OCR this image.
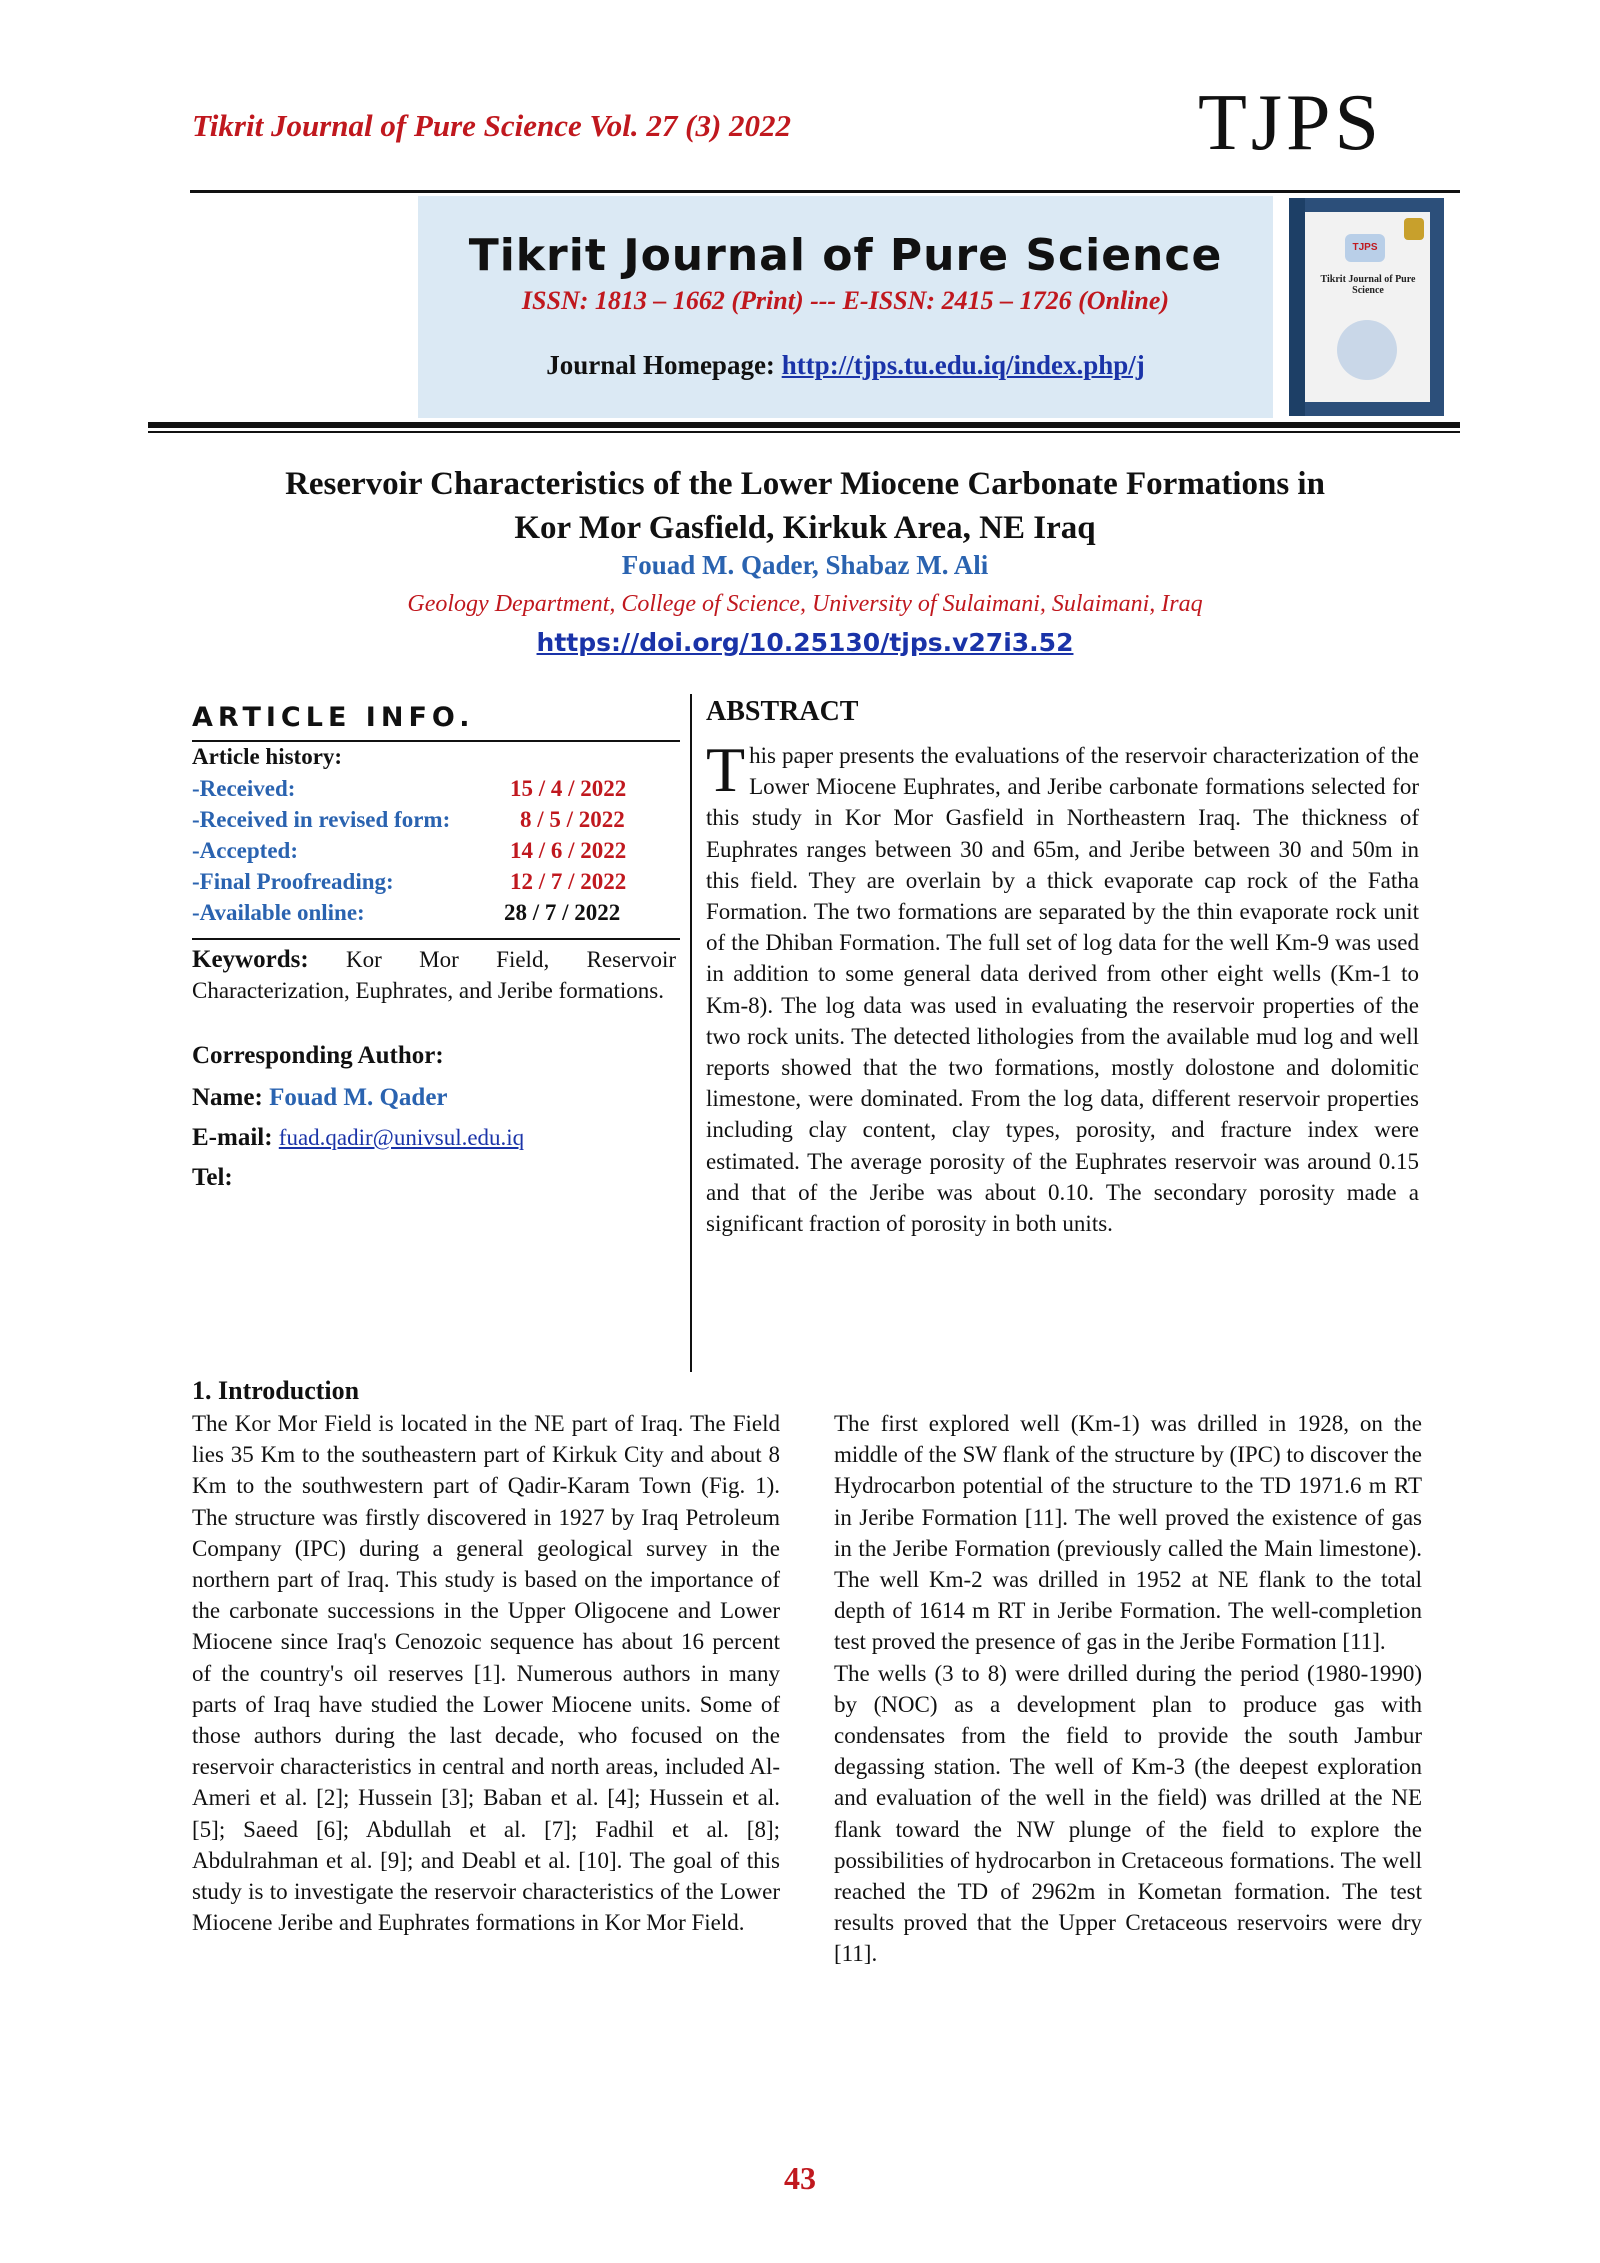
Tikrit Journal of Pure Science Vol. 27 (3) 2022	TJPS
Tikrit Journal of Pure Science
ISSN: 1813 – 1662 (Print) --- E-ISSN: 2415 – 1726 (Online)
Journal Homepage: http://tjps.tu.edu.iq/index.php/j
TJPS
Tikrit Journal of Pure Science
Reservoir Characteristics of the Lower Miocene Carbonate Formations in
Kor Mor Gasfield, Kirkuk Area, NE Iraq
Fouad M. Qader, Shabaz M. Ali
Geology Department, College of Science, University of Sulaimani, Sulaimani, Iraq
https://doi.org/10.25130/tjps.v27i3.52
ARTICLE INFO.
Article history:
-Received:	15 / 4 / 2022
-Received in revised form:	8 / 5 / 2022
-Accepted:	14 / 6 / 2022
-Final Proofreading:	12 / 7 / 2022
-Available online:	28 / 7 / 2022
Keywords: Kor Mor Field, Reservoir Characterization, Euphrates, and Jeribe formations.
Corresponding Author:
Name: Fouad M. Qader
E-mail: fuad.qadir@univsul.edu.iq
Tel:
ABSTRACT
This paper presents the evaluations of the reservoir characterization of the Lower Miocene Euphrates, and Jeribe carbonate formations selected for this study in Kor Mor Gasfield in Northeastern Iraq. The thickness of Euphrates ranges between 30 and 65m, and Jeribe between 30 and 50m in this field. They are overlain by a thick evaporate cap rock of the Fatha Formation. The two formations are separated by the thin evaporate rock unit of the Dhiban Formation. The full set of log data for the well Km-9 was used in addition to some general data derived from other eight wells (Km-1 to Km-8). The log data was used in evaluating the reservoir properties of the two rock units. The detected lithologies from the available mud log and well reports showed that the two formations, mostly dolostone and dolomitic limestone, were dominated. From the log data, different reservoir properties including clay content, clay types, porosity, and fracture index were estimated. The average porosity of the Euphrates reservoir was around 0.15 and that of the Jeribe was about 0.10. The secondary porosity made a significant fraction of porosity in both units.
1. Introduction

The Kor Mor Field is located in the NE part of Iraq. The Field lies 35 Km to the southeastern part of Kirkuk City and about 8 Km to the southwestern part of Qadir-Karam Town (Fig. 1). The structure was firstly discovered in 1927 by Iraq Petroleum Company (IPC) during a general geological survey in the northern part of Iraq. This study is based on the importance of the carbonate successions in the Upper Oligocene and Lower Miocene since Iraq's Cenozoic sequence has about 16 percent of the country's oil reserves [1]. Numerous authors in many parts of Iraq have studied the Lower Miocene units. Some of those authors during the last decade, who focused on the reservoir characteristics in central and north areas, included Al-Ameri et al. [2]; Hussein [3]; Baban et al. [4]; Hussein et al. [5]; Saeed [6]; Abdullah et al. [7]; Fadhil et al. [8]; Abdulrahman et al. [9]; and Deabl et al. [10]. The goal of this study is to investigate the reservoir characteristics of the Lower Miocene Jeribe and Euphrates formations in Kor Mor Field.

The first explored well (Km-1) was drilled in 1928, on the middle of the SW flank of the structure by (IPC) to discover the Hydrocarbon potential of the structure to the TD 1971.6 m RT in Jeribe Formation [11]. The well proved the existence of gas in the Jeribe Formation (previously called the Main limestone). The well Km-2 was drilled in 1952 at NE flank to the total depth of 1614 m RT in Jeribe Formation. The well-completion test proved the presence of gas in the Jeribe Formation [11].

The wells (3 to 8) were drilled during the period (1980-1990) by (NOC) as a development plan to produce gas with condensates from the field to provide the south Jambur degassing station. The well of Km-3 (the deepest exploration and evaluation of the well in the field) was drilled at the NE flank toward the NW plunge of the field to explore the possibilities of hydrocarbon in Cretaceous formations. The well reached the TD of 2962m in Kometan formation. The test results proved that the Upper Cretaceous reservoirs were dry [11].

43
